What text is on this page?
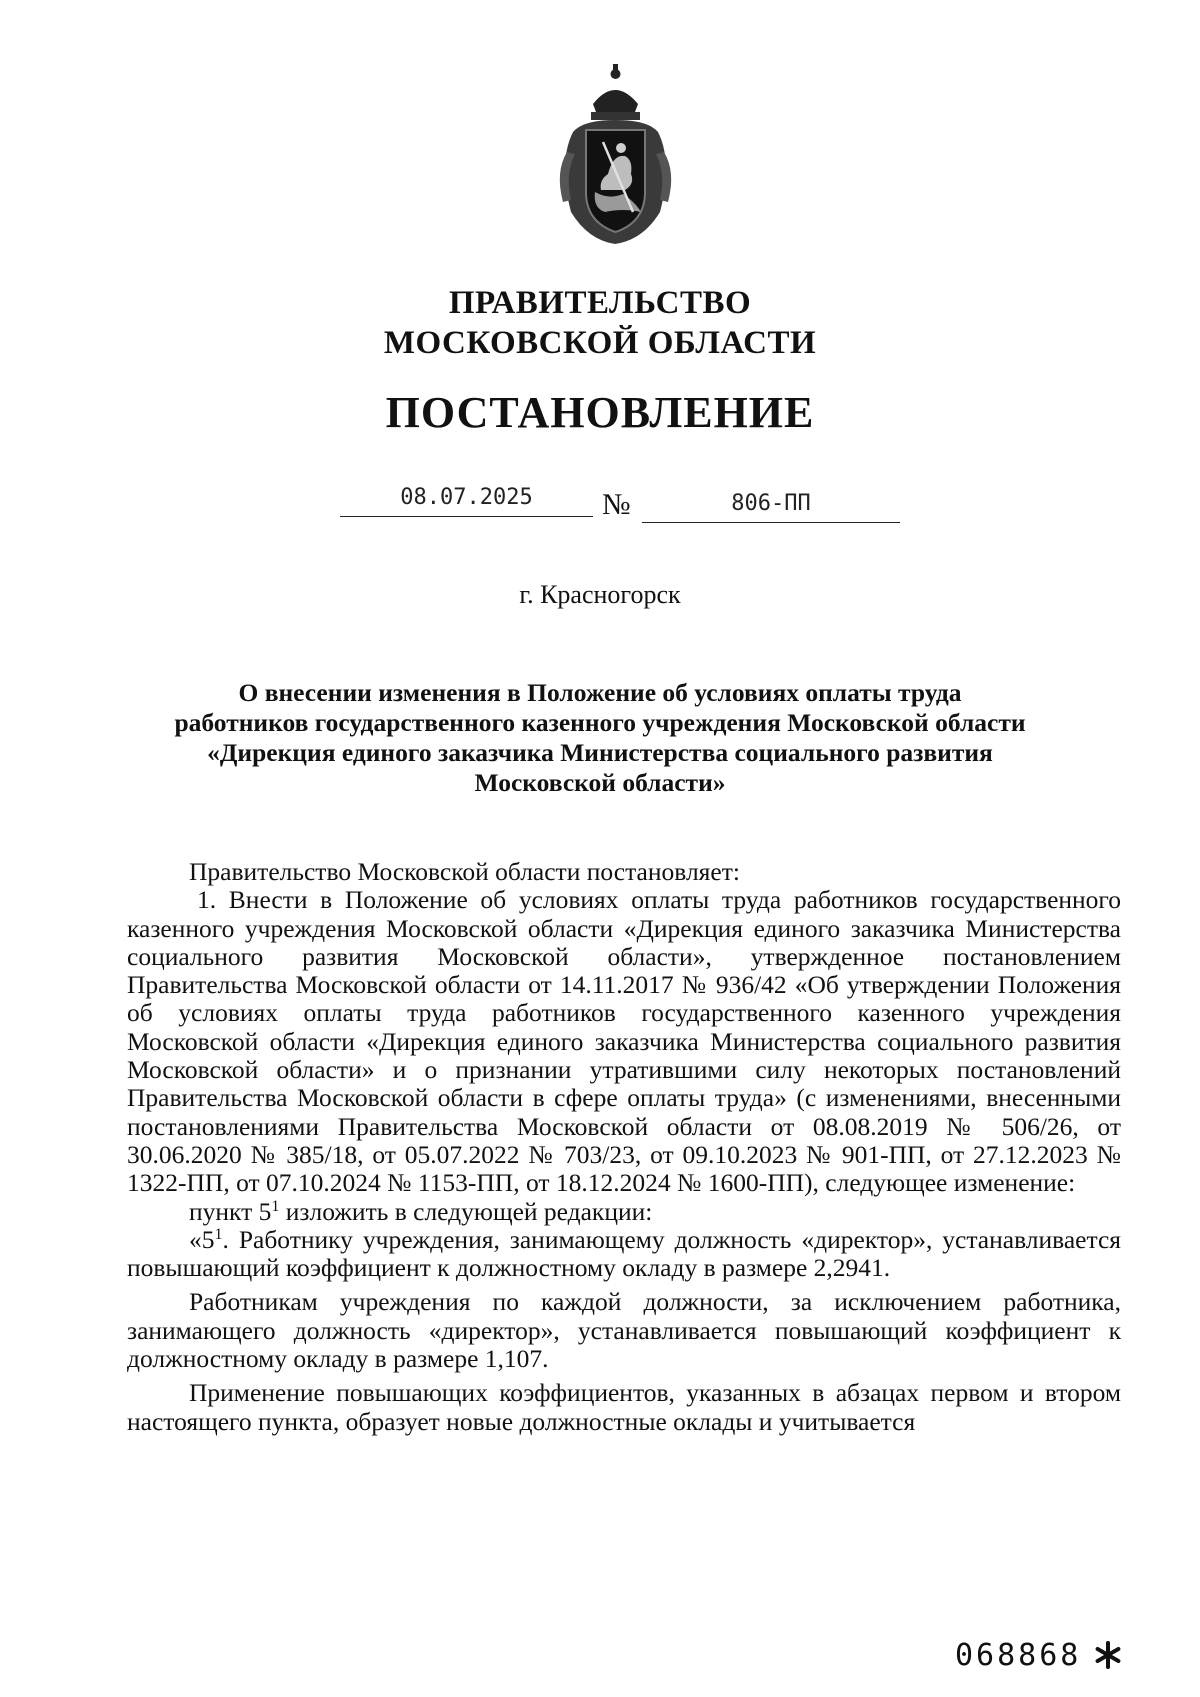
ПРАВИТЕЛЬСТВО
МОСКОВСКОЙ ОБЛАСТИ
ПОСТАНОВЛЕНИЕ
08.07.2025	№	806-ПП
г. Красногорск
О внесении изменения в Положение об условиях оплаты труда
работников государственного казенного учреждения Московской области
«Дирекция единого заказчика Министерства социального развития
Московской области»

Правительство Московской области постановляет:

1. Внести в Положение об условиях оплаты труда работников государственного казенного учреждения Московской области «Дирекция единого заказчика Министерства социального развития Московской области», утвержденное постановлением Правительства Московской области от 14.11.2017 № 936/42 «Об утверждении Положения об условиях оплаты труда работников государственного казенного учреждения Московской области «Дирекция единого заказчика Министерства социального развития Московской области» и о признании утратившими силу некоторых постановлений Правительства Московской области в сфере оплаты труда» (с изменениями, внесенными постановлениями Правительства Московской области от 08.08.2019 № 506/26, от 30.06.2020 № 385/18, от 05.07.2022 № 703/23, от 09.10.2023 № 901-ПП, от 27.12.2023 № 1322-ПП, от 07.10.2024 № 1153-ПП, от 18.12.2024 № 1600-ПП), следующее изменение:

пункт $5^1$ изложить в следующей редакции:

«$5^1$. Работнику учреждения, занимающему должность «директор», устанавливается повышающий коэффициент к должностному окладу в размере 2,2941.

Работникам учреждения по каждой должности, за исключением работника, занимающего должность «директор», устанавливается повышающий коэффициент к должностному окладу в размере 1,107.

Применение повышающих коэффициентов, указанных в абзацах первом и втором настоящего пункта, образует новые должностные оклады и учитывается

068868
